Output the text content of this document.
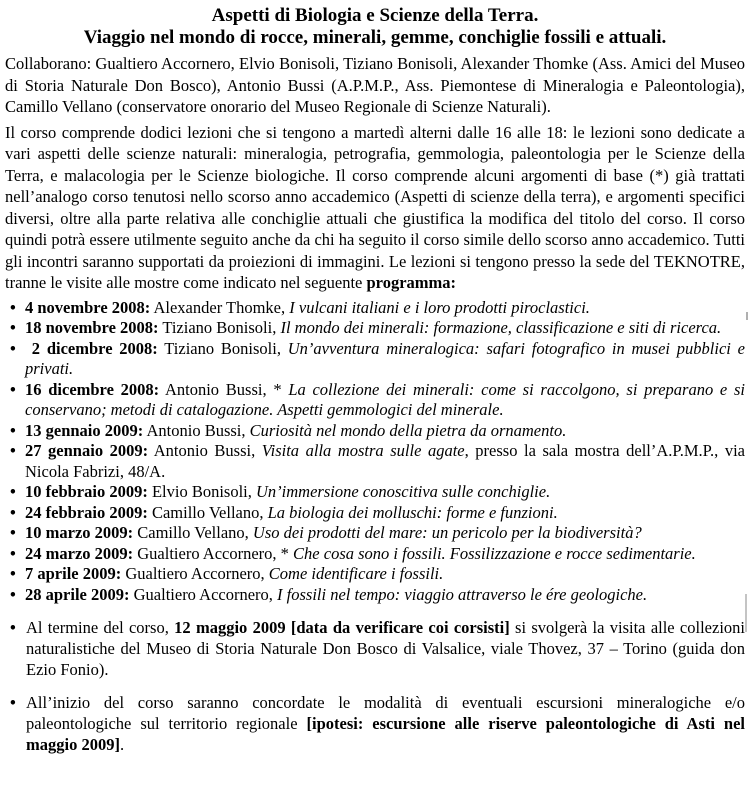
Aspetti di Biologia e Scienze della Terra.
Viaggio nel mondo di rocce, minerali, gemme, conchiglie fossili e attuali.

Collaborano: Gualtiero Accornero, Elvio Bonisoli, Tiziano Bonisoli, Alexander Thomke (Ass. Amici del Museo di Storia Naturale Don Bosco), Antonio Bussi (A.P.M.P., Ass. Piemontese di Mineralogia e Paleontologia), Camillo Vellano (conservatore onorario del Museo Regionale di Scienze Naturali).

Il corso comprende dodici lezioni che si tengono a martedì alterni dalle 16 alle 18: le lezioni sono dedicate a vari aspetti delle scienze naturali: mineralogia, petrografia, gemmologia, paleontologia per le Scienze della Terra, e malacologia per le Scienze biologiche. Il corso comprende alcuni argomenti di base (*) già trattati nell’analogo corso tenutosi nello scorso anno accademico (Aspetti di scienze della terra), e argomenti specifici diversi, oltre alla parte relativa alle conchiglie attuali che giustifica la modifica del titolo del corso. Il corso quindi potrà essere utilmente seguito anche da chi ha seguito il corso simile dello scorso anno accademico. Tutti gli incontri saranno supportati da proiezioni di immagini. Le lezioni si tengono presso la sede del TEKNOTRE, tranne le visite alle mostre come indicato nel seguente programma:

• 4 novembre 2008: Alexander Thomke, I vulcani italiani e i loro prodotti piroclastici.
• 18 novembre 2008: Tiziano Bonisoli, Il mondo dei minerali: formazione, classificazione e siti di ricerca.
• 2 dicembre 2008: Tiziano Bonisoli, Un’avventura mineralogica: safari fotografico in musei pubblici e privati.
• 16 dicembre 2008: Antonio Bussi, * La collezione dei minerali: come si raccolgono, si preparano e si conservano; metodi di catalogazione. Aspetti gemmologici del minerale.
• 13 gennaio 2009: Antonio Bussi, Curiosità nel mondo della pietra da ornamento.
• 27 gennaio 2009: Antonio Bussi, Visita alla mostra sulle agate, presso la sala mostra dell’A.P.M.P., via Nicola Fabrizi, 48/A.
• 10 febbraio 2009: Elvio Bonisoli, Un’immersione conoscitiva sulle conchiglie.
• 24 febbraio 2009: Camillo Vellano, La biologia dei molluschi: forme e funzioni.
• 10 marzo 2009: Camillo Vellano, Uso dei prodotti del mare: un pericolo per la biodiversità?
• 24 marzo 2009: Gualtiero Accornero, * Che cosa sono i fossili. Fossilizzazione e rocce sedimentarie.
• 7 aprile 2009: Gualtiero Accornero, Come identificare i fossili.
• 28 aprile 2009: Gualtiero Accornero, I fossili nel tempo: viaggio attraverso le ére geologiche.
• Al termine del corso, 12 maggio 2009 [data da verificare coi corsisti] si svolgerà la visita alle collezioni naturalistiche del Museo di Storia Naturale Don Bosco di Valsalice, viale Thovez, 37 – Torino (guida don Ezio Fonio).
• All’inizio del corso saranno concordate le modalità di eventuali escursioni mineralogiche e/o paleontologiche sul territorio regionale [ipotesi: escursione alle riserve paleontologiche di Asti nel maggio 2009].
